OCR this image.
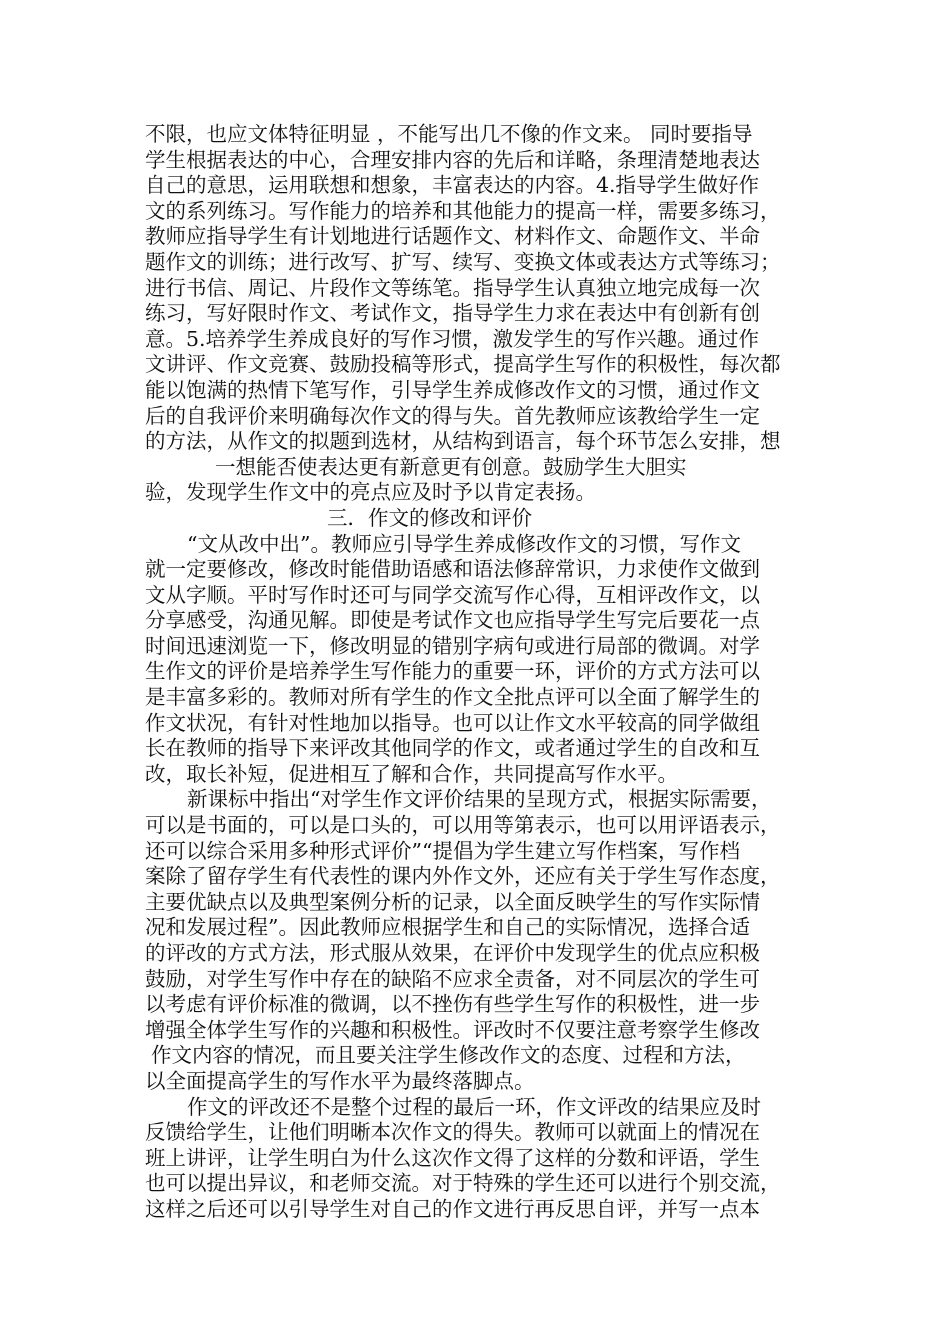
不限，也应文体特征明显 ，不能写出几不像的作文来。 同时要指导
学生根据表达的中心，合理安排内容的先后和详略，条理清楚地表达
自己的意思，运用联想和想象，丰富表达的内容。4.指导学生做好作
文的系列练习。写作能力的培养和其他能力的提高一样，需要多练习，
教师应指导学生有计划地进行话题作文、材料作文、命题作文、半命
题作文的训练；进行改写、扩写、续写、变换文体或表达方式等练习；
进行书信、周记、片段作文等练笔。指导学生认真独立地完成每一次
练习，写好限时作文、考试作文，指导学生力求在表达中有创新有创
意。5.培养学生养成良好的写作习惯，激发学生的写作兴趣。通过作
文讲评、作文竞赛、鼓励投稿等形式，提高学生写作的积极性，每次都
能以饱满的热情下笔写作，引导学生养成修改作文的习惯，通过作文
后的自我评价来明确每次作文的得与失。首先教师应该教给学生一定
的方法，从作文的拟题到选材，从结构到语言，每个环节怎么安排，想
一想能否使表达更有新意更有创意。鼓励学生大胆实
验，发现学生作文中的亮点应及时予以肯定表扬。
三．作文的修改和评价
“文从改中出”。教师应引导学生养成修改作文的习惯，写作文
就一定要修改，修改时能借助语感和语法修辞常识，力求使作文做到
文从字顺。平时写作时还可与同学交流写作心得，互相评改作文，以
分享感受，沟通见解。即使是考试作文也应指导学生写完后要花一点
时间迅速浏览一下，修改明显的错别字病句或进行局部的微调。对学
生作文的评价是培养学生写作能力的重要一环，评价的方式方法可以
是丰富多彩的。教师对所有学生的作文全批点评可以全面了解学生的
作文状况，有针对性地加以指导。也可以让作文水平较高的同学做组
长在教师的指导下来评改其他同学的作文，或者通过学生的自改和互
改，取长补短，促进相互了解和合作，共同提高写作水平。
新课标中指出“对学生作文评价结果的呈现方式，根据实际需要，
可以是书面的，可以是口头的，可以用等第表示，也可以用评语表示，
还可以综合采用多种形式评价”“提倡为学生建立写作档案，写作档
案除了留存学生有代表性的课内外作文外，还应有关于学生写作态度，
主要优缺点以及典型案例分析的记录，以全面反映学生的写作实际情
况和发展过程”。因此教师应根据学生和自己的实际情况，选择合适
的评改的方式方法，形式服从效果，在评价中发现学生的优点应积极
鼓励，对学生写作中存在的缺陷不应求全责备，对不同层次的学生可
以考虑有评价标准的微调，以不挫伤有些学生写作的积极性，进一步
增强全体学生写作的兴趣和积极性。评改时不仅要注意考察学生修改
作文内容的情况，而且要关注学生修改作文的态度、过程和方法，
以全面提高学生的写作水平为最终落脚点。
作文的评改还不是整个过程的最后一环，作文评改的结果应及时
反馈给学生，让他们明晰本次作文的得失。教师可以就面上的情况在
班上讲评，让学生明白为什么这次作文得了这样的分数和评语，学生
也可以提出异议，和老师交流。对于特殊的学生还可以进行个别交流，
这样之后还可以引导学生对自己的作文进行再反思自评，并写一点本
